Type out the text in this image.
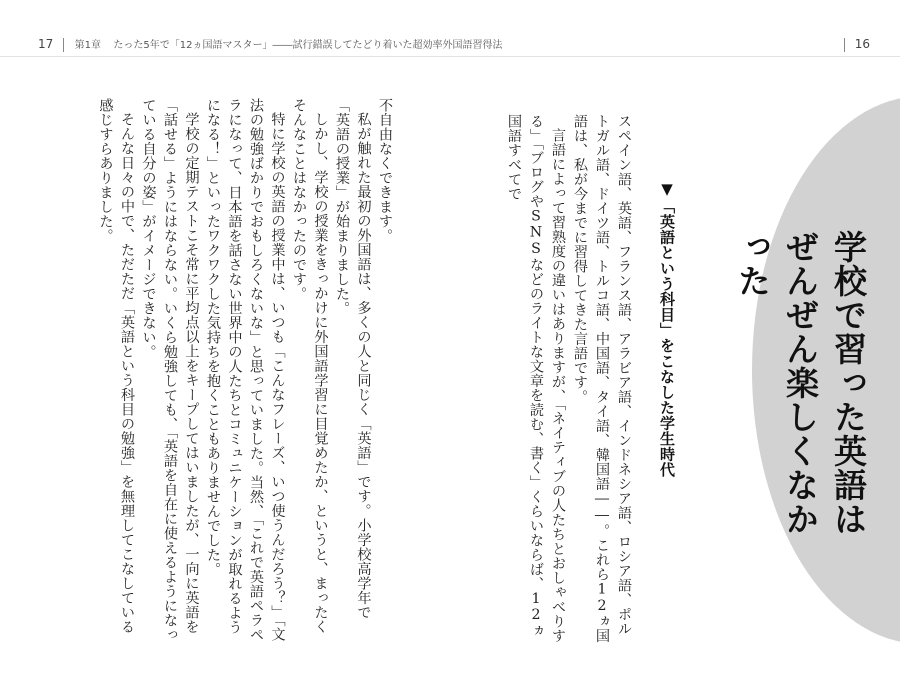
17 第1章 たった5年で「12ヵ国語マスター」――試行錯誤してたどり着いた超効率外国語習得法	16
学校で習った英語は
ぜんぜん楽しくなかった
▼「英語という科目」をこなした学生時代

スペイン語、英語、フランス語、アラビア語、インドネシア語、ロシア語、ポルトガル語、ドイツ語、トルコ語、中国語、タイ語、韓国語――。これら12ヵ国語は、私が今までに習得してきた言語です。

言語によって習熟度の違いはありますが、「ネイティブの人たちとおしゃべりする」「ブログやSNSなどのライトな文章を読む、書く」くらいならば、12ヵ国語すべてで

不自由なくできます。

私が触れた最初の外国語は、多くの人と同じく「英語」です。小学校高学年で「英語の授業」が始まりました。

しかし、学校の授業をきっかけに外国語学習に目覚めたか、というと、まったくそんなことはなかったのです。

特に学校の英語の授業中は、いつも「こんなフレーズ、いつ使うんだろう？」「文法の勉強ばかりでおもしろくないな」と思っていました。当然、「これで英語ペラペラになって、日本語を話さない世界中の人たちとコミュニケーションが取れるようになる！」といったワクワクした気持ちを抱くこともありませんでした。

学校の定期テストこそ常に平均点以上をキープしてはいましたが、一向に英語を「話せる」ようにはならない。いくら勉強しても、「英語を自在に使えるようになっている自分の姿」がイメージできない。

そんな日々の中で、ただただ「英語という科目の勉強」を無理してこなしている感じすらありました。
